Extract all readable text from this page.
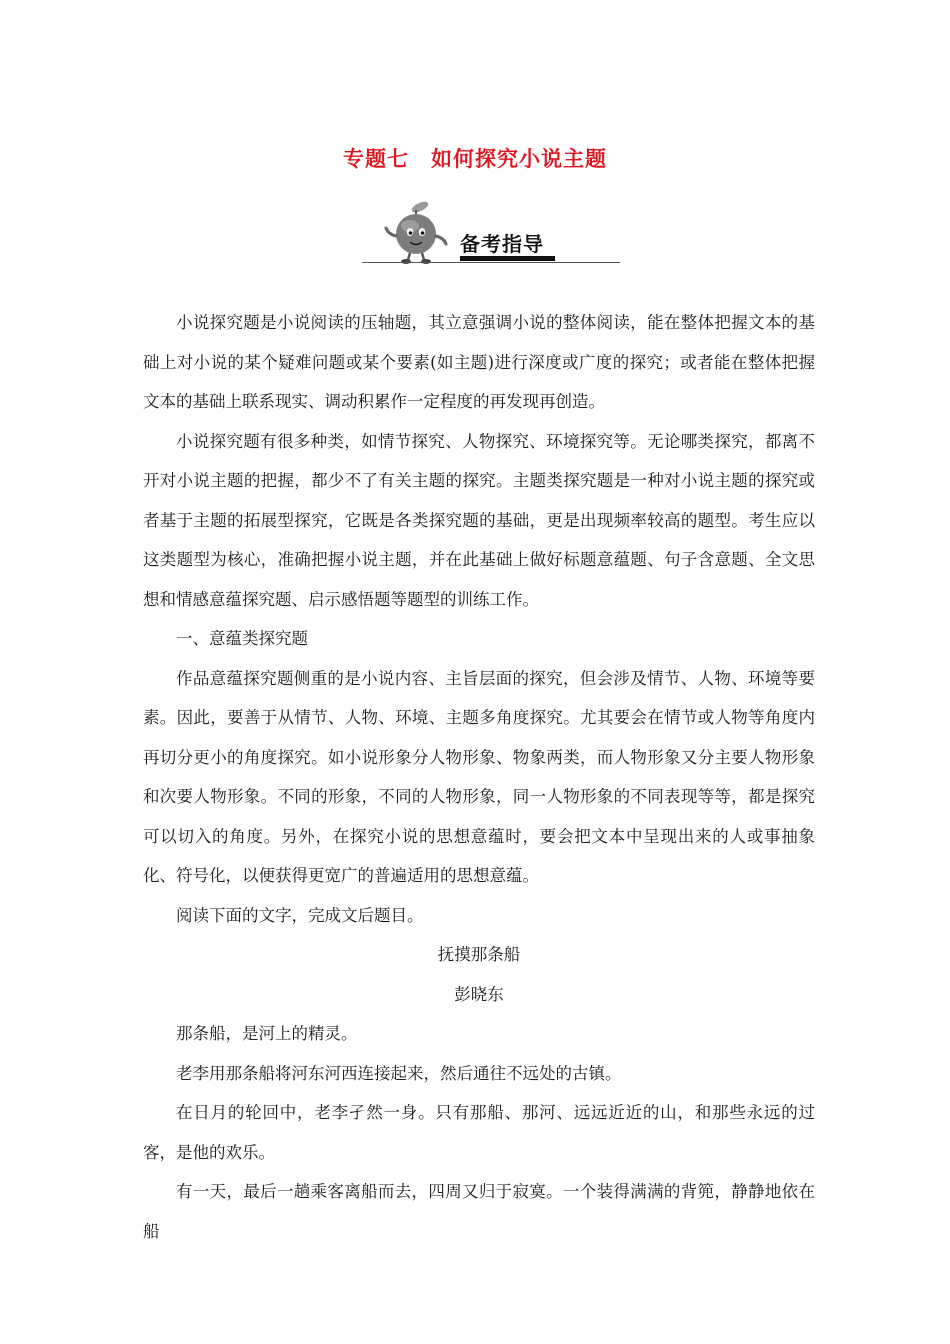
专题七　如何探究小说主题
备考指导

小说探究题是小说阅读的压轴题，其立意强调小说的整体阅读，能在整体把握文本的基础上对小说的某个疑难问题或某个要素(如主题)进行深度或广度的探究；或者能在整体把握文本的基础上联系现实、调动积累作一定程度的再发现再创造。

小说探究题有很多种类，如情节探究、人物探究、环境探究等。无论哪类探究，都离不开对小说主题的把握，都少不了有关主题的探究。主题类探究题是一种对小说主题的探究或者基于主题的拓展型探究，它既是各类探究题的基础，更是出现频率较高的题型。考生应以这类题型为核心，准确把握小说主题，并在此基础上做好标题意蕴题、句子含意题、全文思想和情感意蕴探究题、启示感悟题等题型的训练工作。

一、意蕴类探究题

作品意蕴探究题侧重的是小说内容、主旨层面的探究，但会涉及情节、人物、环境等要素。因此，要善于从情节、人物、环境、主题多角度探究。尤其要会在情节或人物等角度内再切分更小的角度探究。如小说形象分人物形象、物象两类，而人物形象又分主要人物形象和次要人物形象。不同的形象，不同的人物形象，同一人物形象的不同表现等等，都是探究可以切入的角度。另外，在探究小说的思想意蕴时，要会把文本中呈现出来的人或事抽象化、符号化，以便获得更宽广的普遍适用的思想意蕴。

阅读下面的文字，完成文后题目。

抚摸那条船

彭晓东

那条船，是河上的精灵。

老李用那条船将河东河西连接起来，然后通往不远处的古镇。

在日月的轮回中，老李孑然一身。只有那船、那河、远远近近的山，和那些永远的过客，是他的欢乐。

有一天，最后一趟乘客离船而去，四周又归于寂寞。一个装得满满的背篼，静静地依在船
